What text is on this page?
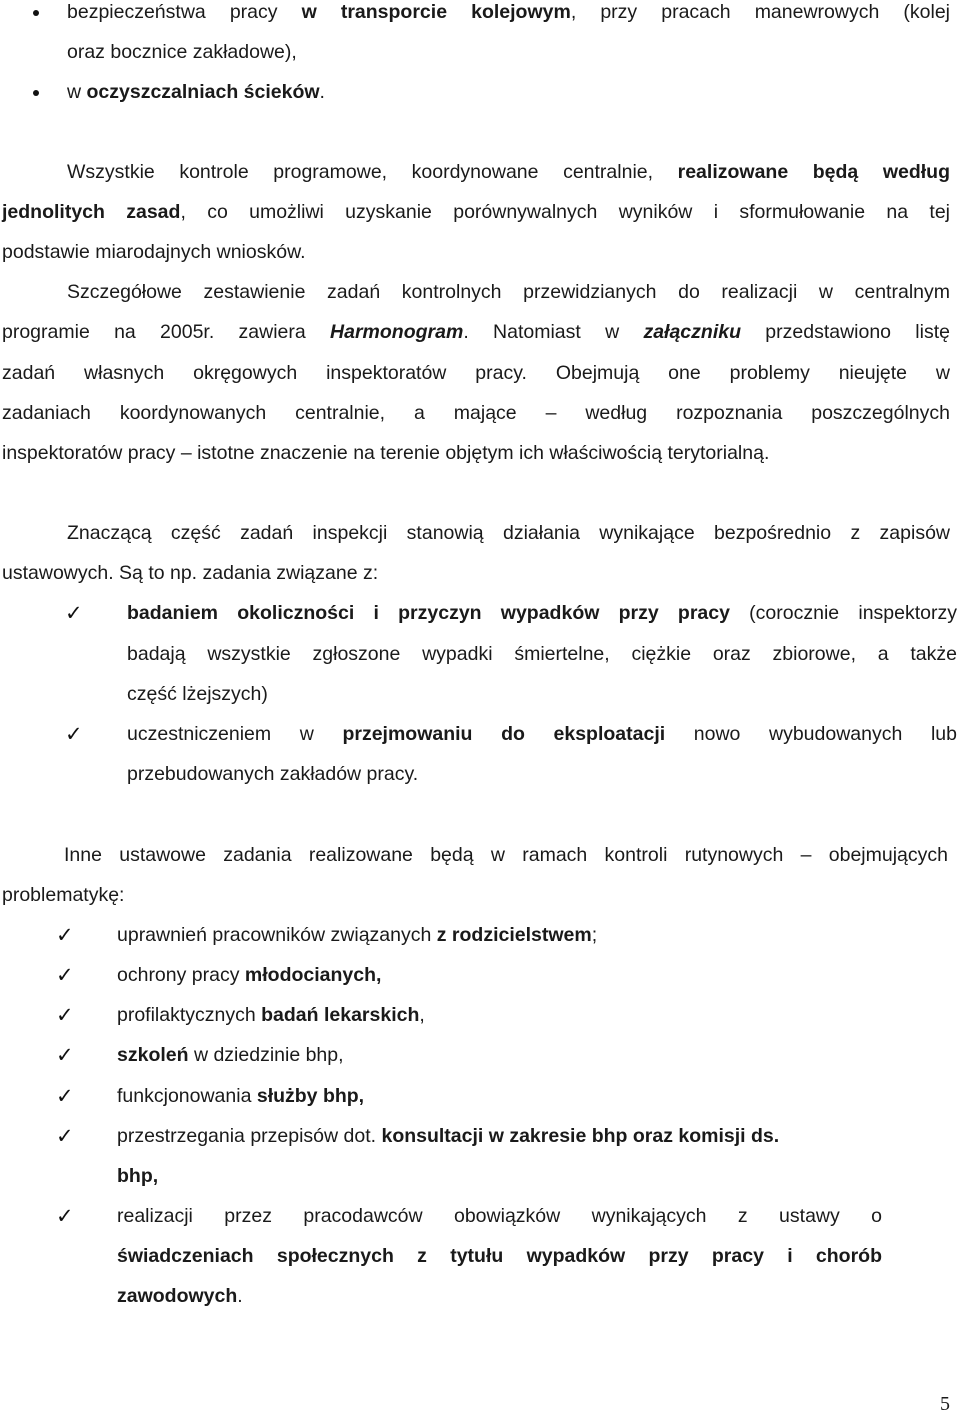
bezpieczeństwa pracy w transporcie kolejowym, przy pracach manewrowych (kolej
oraz bocznice zakładowe),
w oczyszczalniach ścieków.
Wszystkie kontrole programowe, koordynowane centralnie, realizowane będą według
jednolitych zasad, co umożliwi uzyskanie porównywalnych wyników i sformułowanie na tej
podstawie miarodajnych wniosków.
Szczegółowe zestawienie zadań kontrolnych przewidzianych do realizacji w centralnym
programie na 2005r. zawiera Harmonogram. Natomiast w załączniku przedstawiono listę
zadań własnych okręgowych inspektoratów pracy. Obejmują one problemy nieujęte w
zadaniach koordynowanych centralnie, a mające – według rozpoznania poszczególnych
inspektoratów pracy – istotne znaczenie na terenie objętym ich właściwością terytorialną.
Znaczącą część zadań inspekcji stanowią działania wynikające bezpośrednio z zapisów
ustawowych. Są to np. zadania związane z:
✓ badaniem okoliczności i przyczyn wypadków przy pracy (corocznie inspektorzy
badają wszystkie zgłoszone wypadki śmiertelne, ciężkie oraz zbiorowe, a także
część lżejszych)
✓ uczestniczeniem w przejmowaniu do eksploatacji nowo wybudowanych lub
przebudowanych zakładów pracy.
Inne ustawowe zadania realizowane będą w ramach kontroli rutynowych – obejmujących
problematykę:
✓ uprawnień pracowników związanych z rodzicielstwem;
✓ ochrony pracy młodocianych,
✓ profilaktycznych badań lekarskich,
✓ szkoleń w dziedzinie bhp,
✓ funkcjonowania służby bhp,
✓ przestrzegania przepisów dot. konsultacji w zakresie bhp oraz komisji ds.
bhp,
✓ realizacji przez pracodawców obowiązków wynikających z ustawy o
świadczeniach społecznych z tytułu wypadków przy pracy i chorób
zawodowych.
5
